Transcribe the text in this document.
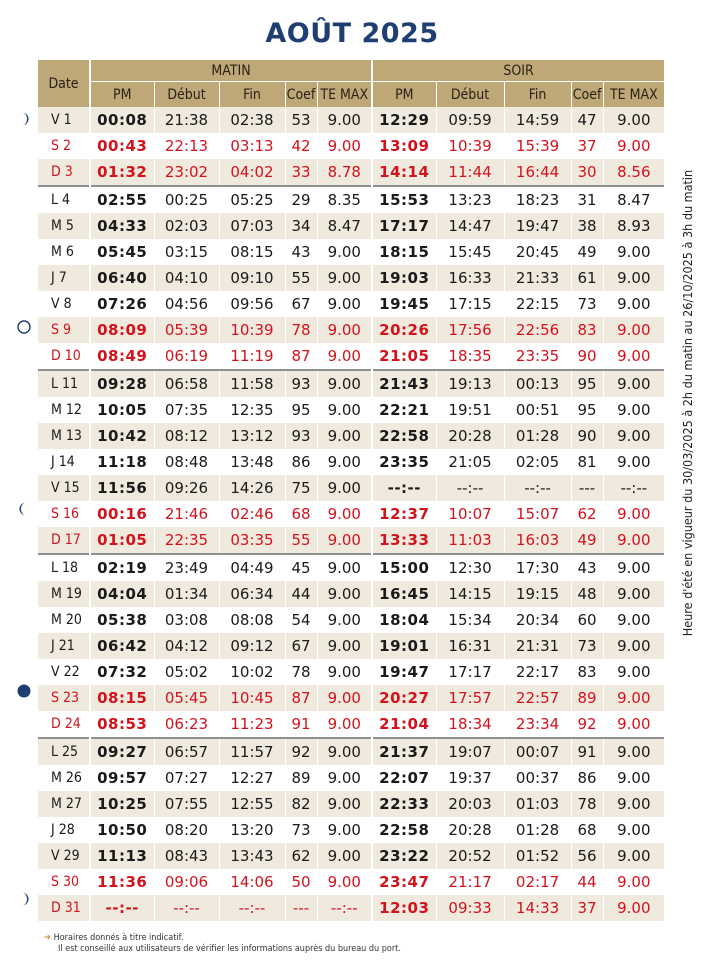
AOÛT 2025
Date	MATIN					SOIR				
	PM	Début	Fin	Coef	TE MAX	PM	Début	Fin	Coef	TE MAX
V 1	00:08	21:38	02:38	53	9.00	12:29	09:59	14:59	47	9.00
S 2	00:43	22:13	03:13	42	9.00	13:09	10:39	15:39	37	9.00
D 3	01:32	23:02	04:02	33	8.78	14:14	11:44	16:44	30	8.56
L 4	02:55	00:25	05:25	29	8.35	15:53	13:23	18:23	31	8.47
M 5	04:33	02:03	07:03	34	8.47	17:17	14:47	19:47	38	8.93
M 6	05:45	03:15	08:15	43	9.00	18:15	15:45	20:45	49	9.00
J 7	06:40	04:10	09:10	55	9.00	19:03	16:33	21:33	61	9.00
V 8	07:26	04:56	09:56	67	9.00	19:45	17:15	22:15	73	9.00
S 9	08:09	05:39	10:39	78	9.00	20:26	17:56	22:56	83	9.00
D 10	08:49	06:19	11:19	87	9.00	21:05	18:35	23:35	90	9.00
L 11	09:28	06:58	11:58	93	9.00	21:43	19:13	00:13	95	9.00
M 12	10:05	07:35	12:35	95	9.00	22:21	19:51	00:51	95	9.00
M 13	10:42	08:12	13:12	93	9.00	22:58	20:28	01:28	90	9.00
J 14	11:18	08:48	13:48	86	9.00	23:35	21:05	02:05	81	9.00
V 15	11:56	09:26	14:26	75	9.00	--:--	--:--	--:--	---	--:--
S 16	00:16	21:46	02:46	68	9.00	12:37	10:07	15:07	62	9.00
D 17	01:05	22:35	03:35	55	9.00	13:33	11:03	16:03	49	9.00
L 18	02:19	23:49	04:49	45	9.00	15:00	12:30	17:30	43	9.00
M 19	04:04	01:34	06:34	44	9.00	16:45	14:15	19:15	48	9.00
M 20	05:38	03:08	08:08	54	9.00	18:04	15:34	20:34	60	9.00
J 21	06:42	04:12	09:12	67	9.00	19:01	16:31	21:31	73	9.00
V 22	07:32	05:02	10:02	78	9.00	19:47	17:17	22:17	83	9.00
S 23	08:15	05:45	10:45	87	9.00	20:27	17:57	22:57	89	9.00
D 24	08:53	06:23	11:23	91	9.00	21:04	18:34	23:34	92	9.00
L 25	09:27	06:57	11:57	92	9.00	21:37	19:07	00:07	91	9.00
M 26	09:57	07:27	12:27	89	9.00	22:07	19:37	00:37	86	9.00
M 27	10:25	07:55	12:55	82	9.00	22:33	20:03	01:03	78	9.00
J 28	10:50	08:20	13:20	73	9.00	22:58	20:28	01:28	68	9.00
V 29	11:13	08:43	13:43	62	9.00	23:22	20:52	01:52	56	9.00
S 30	11:36	09:06	14:06	50	9.00	23:47	21:17	02:17	44	9.00
D 31	--:--	--:--	--:--	---	--:--	12:03	09:33	14:33	37	9.00
➔ Horaires donnés à titre indicatif.
Il est conseillé aux utilisateurs de vérifier les informations auprès du bureau du port.
Heure d'été en vigueur du 30/03/2025 à 2h du matin au 26/10/2025 à 3h du matin
